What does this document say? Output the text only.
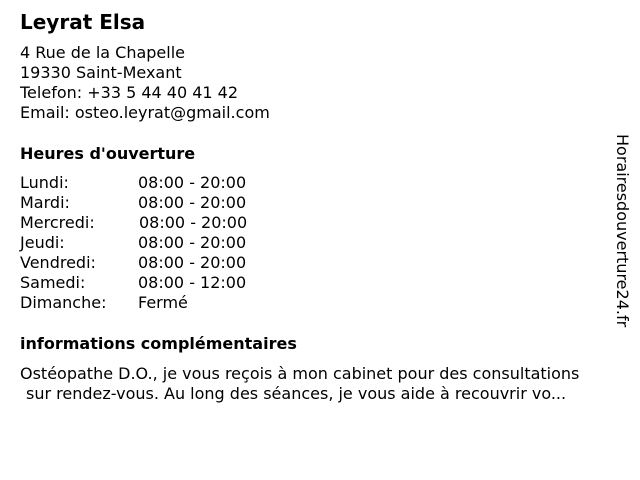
Leyrat Elsa
4 Rue de la Chapelle
19330 Saint-Mexant
Telefon: +33 5 44 40 41 42
Email: osteo.leyrat@gmail.com
Heures d'ouverture
Lundi:	08:00 - 20:00
Mardi:	08:00 - 20:00
Mercredi:	08:00 - 20:00
Jeudi:	08:00 - 20:00
Vendredi:	08:00 - 20:00
Samedi:	08:00 - 12:00
Dimanche:	Fermé
informations complémentaires

Ostéopathe D.O., je vous reçois à mon cabinet pour des consultations
sur rendez-vous. Au long des séances, je vous aide à recouvrir vo...

Horairesdouverture24.fr
